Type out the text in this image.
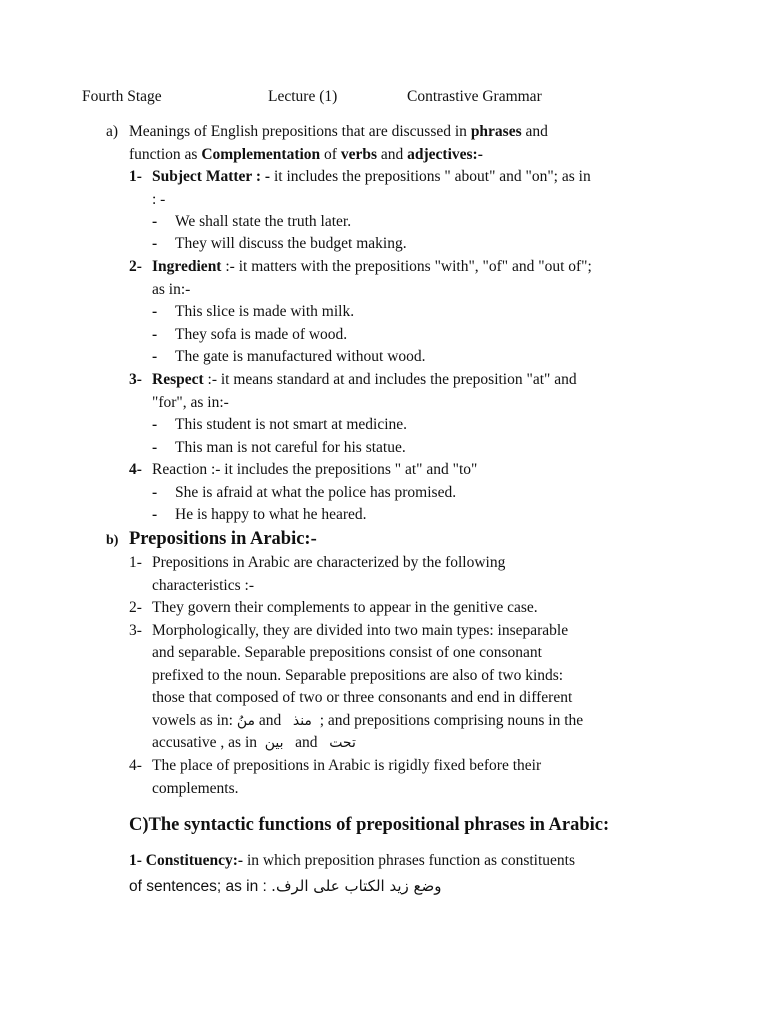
Fourth Stage	Lecture (1)	Contrastive Grammar
a) Meanings of English prepositions that are discussed in phrases and
function as Complementation of verbs and adjectives:-
1- Subject Matter : - it includes the prepositions " about" and "on"; as in
: -
- We shall state the truth later.
- They will discuss the budget making.
2- Ingredient :- it matters with the prepositions "with", "of" and "out of";
as in:-
- This slice is made with milk.
- They sofa is made of wood.
- The gate is manufactured without wood.
3- Respect :- it means standard at and includes the preposition "at" and
"for", as in:-
- This student is not smart at medicine.
- This man is not careful for his statue.
4- Reaction :- it includes the prepositions " at" and "to"
- She is afraid at what the police has promised.
- He is happy to what he heared.
b) Prepositions in Arabic:-
1- Prepositions in Arabic are characterized by the following
characteristics :-
2- They govern their complements to appear in the genitive case.
3- Morphologically, they are divided into two main types: inseparable
and separable. Separable prepositions consist of one consonant
prefixed to the noun. Separable prepositions are also of two kinds:
those that composed of two or three consonants and end in different
vowels as in: منُ and   منذ  ; and prepositions comprising nouns in the
accusative , as in  بين   and   تحت
4- The place of prepositions in Arabic is rigidly fixed before their
complements.
C)The syntactic functions of prepositional phrases in Arabic:
1- Constituency:- in which preposition phrases function as constituents
of sentences; as in : وضع زيد الكتاب على الرف.
